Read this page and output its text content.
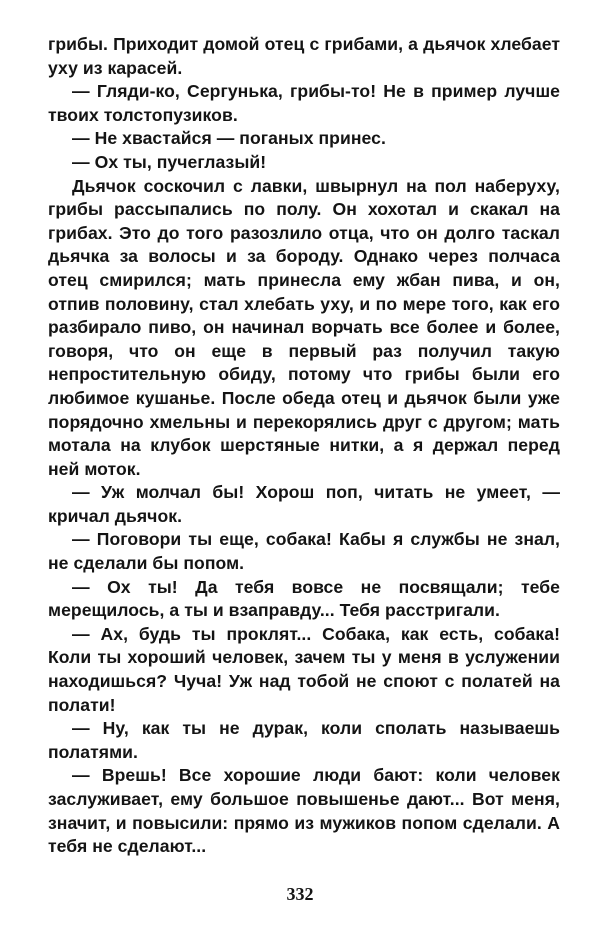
грибы. Приходит домой отец с грибами, а дьячок хлебает уху из карасей.

— Гляди-ко, Сергунька, грибы-то! Не в пример лучше твоих толстопузиков.

— Не хвастайся — поганых принес.

— Ох ты, пучеглазый!

Дьячок соскочил с лавки, швырнул на пол наберуху, грибы рассыпались по полу. Он хохотал и скакал на грибах. Это до того разозлило отца, что он долго таскал дьячка за волосы и за бороду. Однако через полчаса отец смирился; мать принесла ему жбан пива, и он, отпив половину, стал хлебать уху, и по мере того, как его разбирало пиво, он начинал ворчать все более и более, говоря, что он еще в первый раз получил такую непростительную обиду, потому что грибы были его любимое кушанье. После обеда отец и дьячок были уже порядочно хмельны и перекорялись друг с другом; мать мотала на клубок шерстяные нитки, а я держал перед ней моток.

— Уж молчал бы! Хорош поп, читать не умеет, — кричал дьячок.

— Поговори ты еще, собака! Кабы я службы не знал, не сделали бы попом.

— Ох ты! Да тебя вовсе не посвящали; тебе мерещилось, а ты и взаправду... Тебя расстригали.

— Ах, будь ты проклят... Собака, как есть, собака! Коли ты хороший человек, зачем ты у меня в услужении находишься? Чуча! Уж над тобой не споют с полатей на полати!

— Ну, как ты не дурак, коли сполать называешь полатями.

— Врешь! Все хорошие люди бают: коли человек заслуживает, ему большое повышенье дают... Вот меня, значит, и повысили: прямо из мужиков попом сделали. А тебя не сделают...

332
